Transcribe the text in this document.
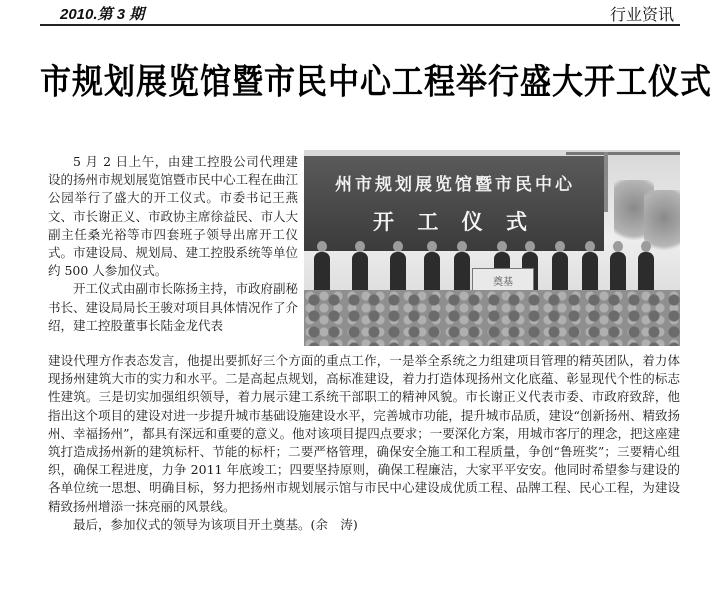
2010.第 3 期	行业资讯
市规划展览馆暨市民中心工程举行盛大开工仪式

5 月 2 日上午，由建工控股公司代理建设的扬州市规划展览馆暨市民中心工程在曲江公园举行了盛大的开工仪式。市委书记王燕文、市长谢正义、市政协主席徐益民、市人大副主任桑光裕等市四套班子领导出席开工仪式。市建设局、规划局、建工控股系统等单位约 500 人参加仪式。

开工仪式由副市长陈扬主持，市政府副秘书长、建设局局长王骏对项目具体情况作了介绍，建工控股董事长陆金龙代表

州市规划展览馆暨市民中心
开 工 仪 式
奠基

建设代理方作表态发言，他提出要抓好三个方面的重点工作，一是举全系统之力组建项目管理的精英团队，着力体现扬州建筑大市的实力和水平。二是高起点规划，高标准建设，着力打造体现扬州文化底蕴、彰显现代个性的标志性建筑。三是切实加强组织领导，着力展示建工系统干部职工的精神风貌。市长谢正义代表市委、市政府致辞，他指出这个项目的建设对进一步提升城市基础设施建设水平，完善城市功能，提升城市品质，建设“创新扬州、精致扬州、幸福扬州”，都具有深远和重要的意义。他对该项目提四点要求；一要深化方案，用城市客厅的理念，把这座建筑打造成扬州新的建筑标杆、节能的标杆；二要严格管理，确保安全施工和工程质量，争创“鲁班奖”；三要精心组织，确保工程进度，力争 2011 年底竣工；四要坚持原则，确保工程廉洁，大家平平安安。他同时希望参与建设的各单位统一思想、明确目标，努力把扬州市规划展示馆与市民中心建设成优质工程、品牌工程、民心工程，为建设精致扬州增添一抹亮丽的风景线。

最后，参加仪式的领导为该项目开土奠基。(余　涛)
